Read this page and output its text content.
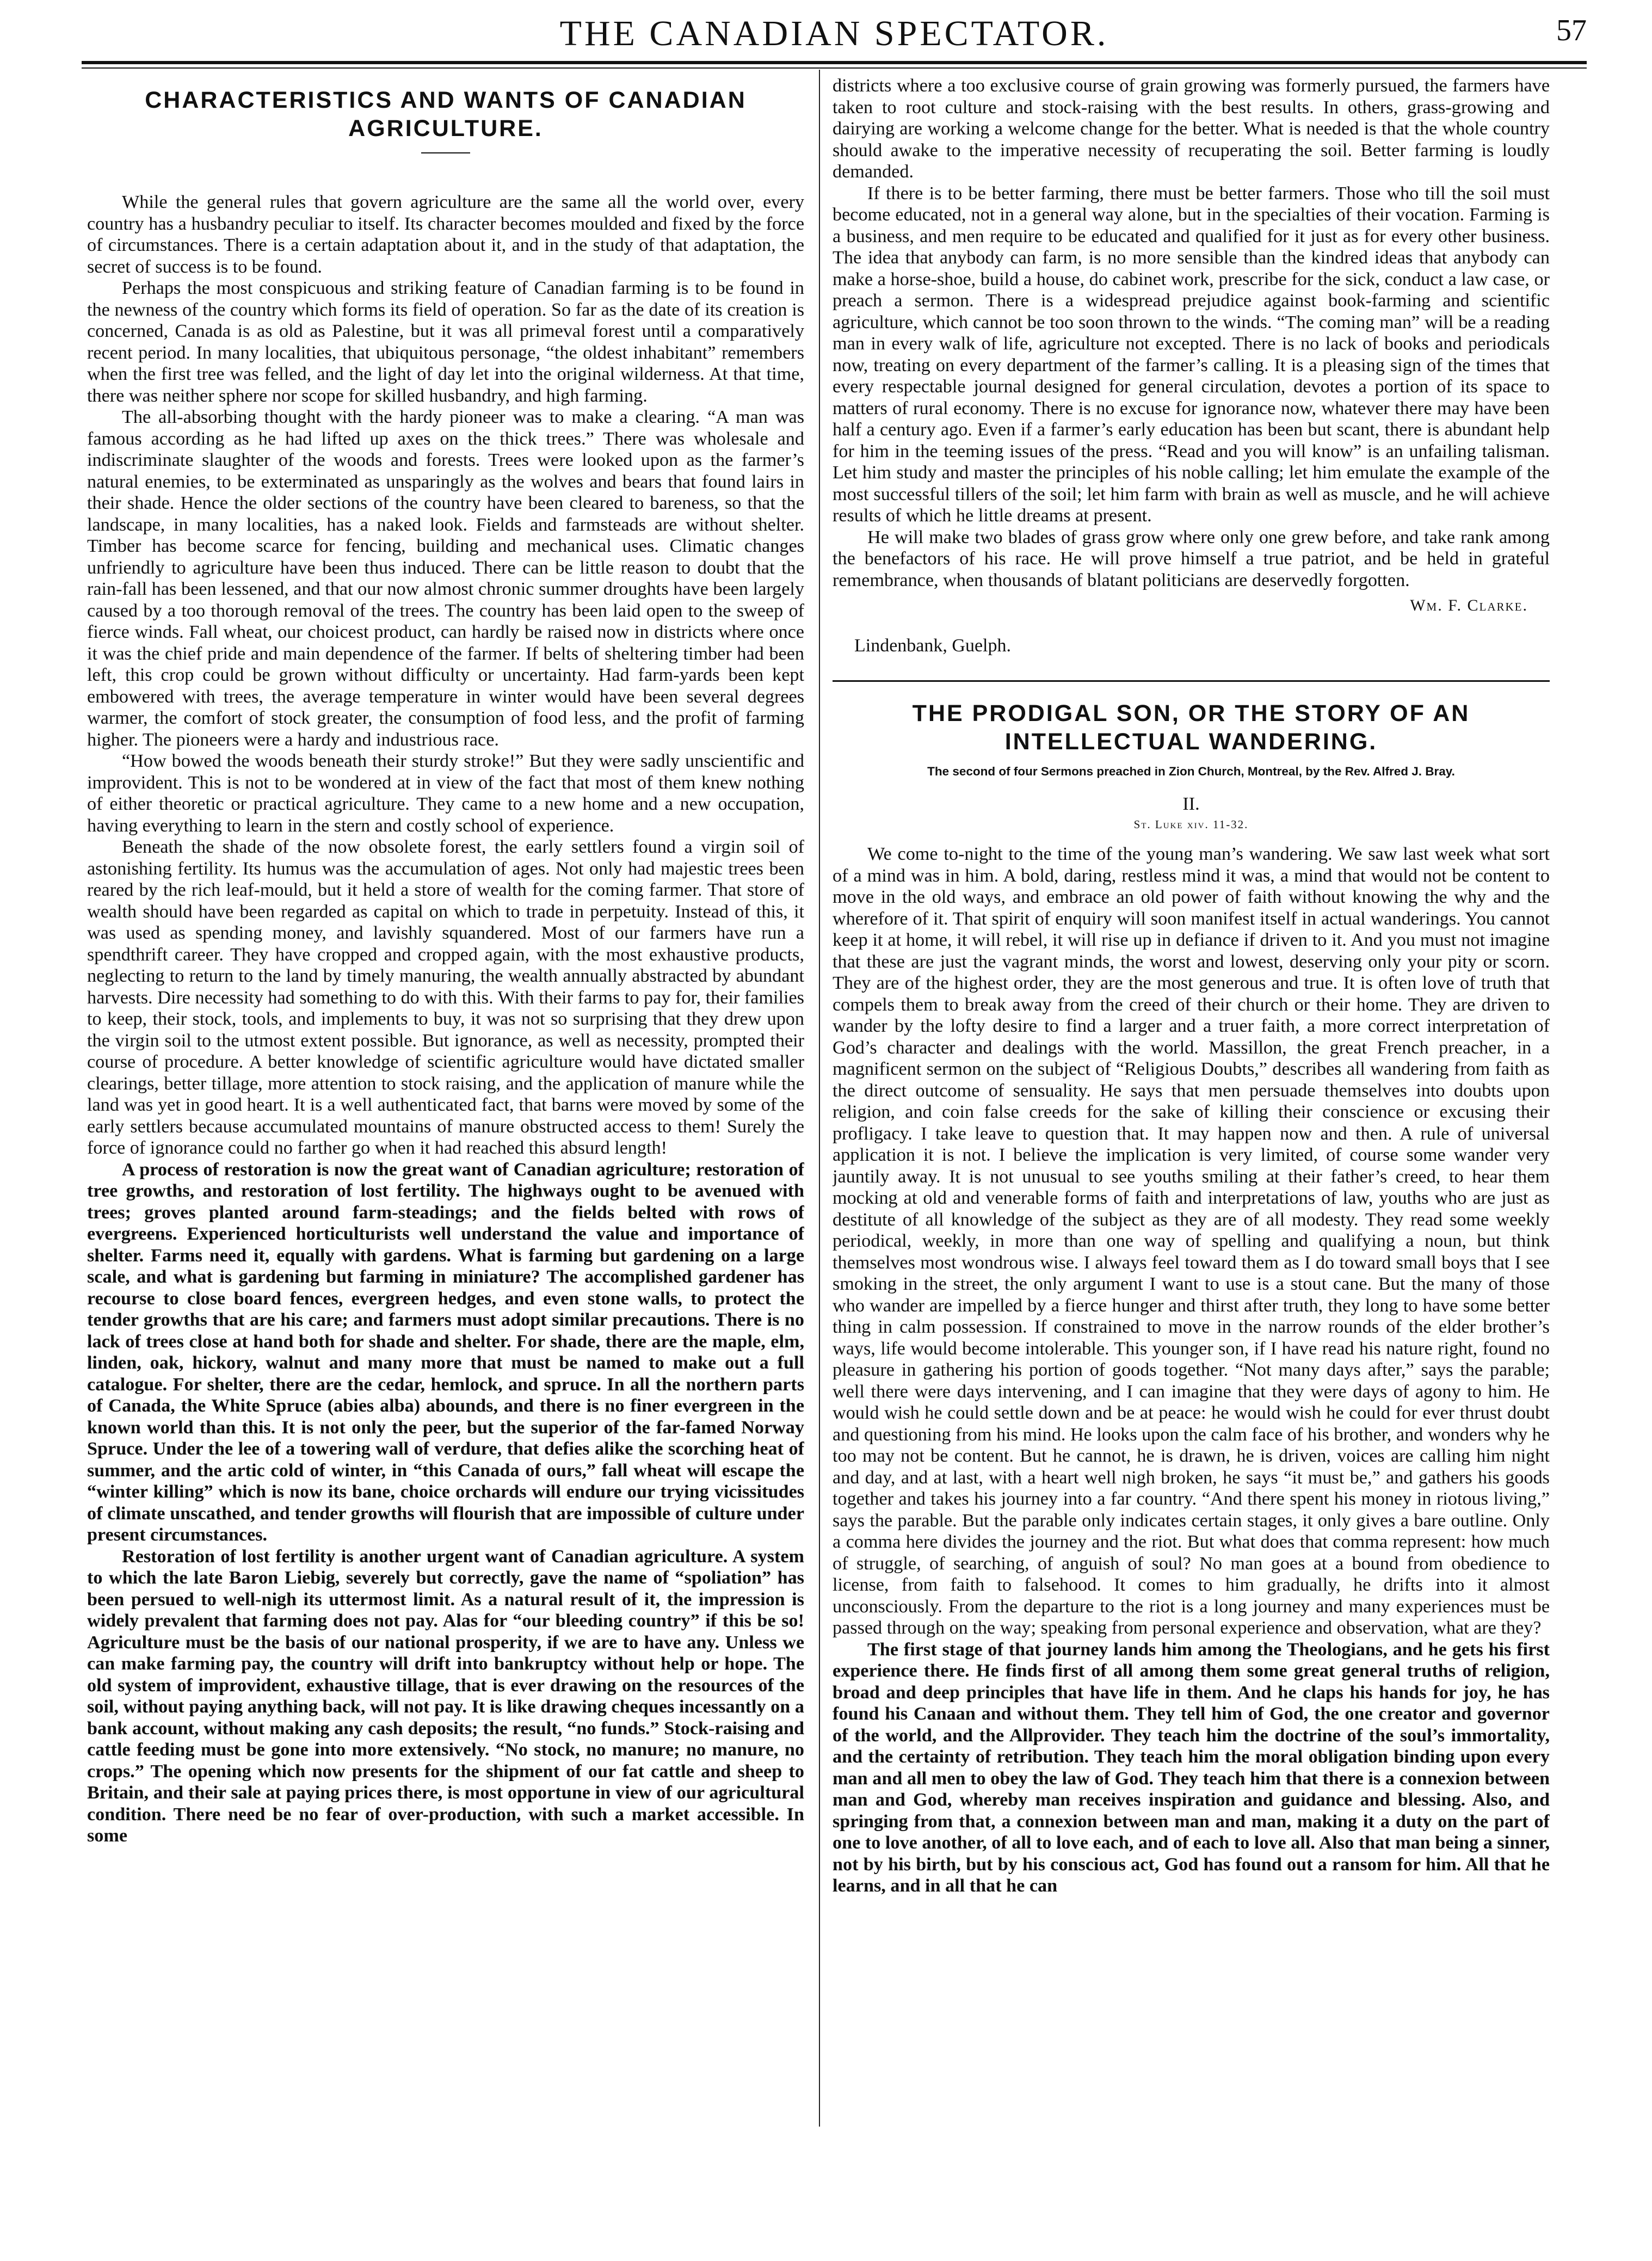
THE CANADIAN SPECTATOR.	57
CHARACTERISTICS AND WANTS OF CANADIAN AGRICULTURE.

While the general rules that govern agriculture are the same all the world over, every country has a husbandry peculiar to itself. Its character becomes moulded and fixed by the force of circumstances. There is a certain adaptation about it, and in the study of that adaptation, the secret of success is to be found.

Perhaps the most conspicuous and striking feature of Canadian farming is to be found in the newness of the country which forms its field of operation. So far as the date of its creation is concerned, Canada is as old as Palestine, but it was all primeval forest until a comparatively recent period. In many localities, that ubiquitous personage, “the oldest inhabitant” remembers when the first tree was felled, and the light of day let into the original wilderness. At that time, there was neither sphere nor scope for skilled husbandry, and high farming.

The all-absorbing thought with the hardy pioneer was to make a clearing. “A man was famous according as he had lifted up axes on the thick trees.” There was wholesale and indiscriminate slaughter of the woods and forests. Trees were looked upon as the farmer’s natural enemies, to be exterminated as unsparingly as the wolves and bears that found lairs in their shade. Hence the older sections of the country have been cleared to bareness, so that the landscape, in many localities, has a naked look. Fields and farmsteads are without shelter. Timber has become scarce for fencing, building and mechanical uses. Climatic changes unfriendly to agriculture have been thus induced. There can be little reason to doubt that the rain-fall has been lessened, and that our now almost chronic summer droughts have been largely caused by a too thorough removal of the trees. The country has been laid open to the sweep of fierce winds. Fall wheat, our choicest product, can hardly be raised now in districts where once it was the chief pride and main dependence of the farmer. If belts of sheltering timber had been left, this crop could be grown without difficulty or uncertainty. Had farm-yards been kept embowered with trees, the average temperature in winter would have been several degrees warmer, the comfort of stock greater, the consumption of food less, and the profit of farming higher. The pioneers were a hardy and industrious race.

“How bowed the woods beneath their sturdy stroke!” But they were sadly unscientific and improvident. This is not to be wondered at in view of the fact that most of them knew nothing of either theoretic or practical agriculture. They came to a new home and a new occupation, having everything to learn in the stern and costly school of experience.

Beneath the shade of the now obsolete forest, the early settlers found a virgin soil of astonishing fertility. Its humus was the accumulation of ages. Not only had majestic trees been reared by the rich leaf-mould, but it held a store of wealth for the coming farmer. That store of wealth should have been regarded as capital on which to trade in perpetuity. Instead of this, it was used as spending money, and lavishly squandered. Most of our farmers have run a spendthrift career. They have cropped and cropped again, with the most exhaustive products, neglecting to return to the land by timely manuring, the wealth annually abstracted by abundant harvests. Dire necessity had something to do with this. With their farms to pay for, their families to keep, their stock, tools, and implements to buy, it was not so surprising that they drew upon the virgin soil to the utmost extent possible. But ignorance, as well as necessity, prompted their course of procedure. A better knowledge of scientific agriculture would have dictated smaller clearings, better tillage, more attention to stock raising, and the application of manure while the land was yet in good heart. It is a well authenticated fact, that barns were moved by some of the early settlers because accumulated mountains of manure obstructed access to them! Surely the force of ignorance could no farther go when it had reached this absurd length!

A process of restoration is now the great want of Canadian agriculture; restoration of tree growths, and restoration of lost fertility. The highways ought to be avenued with trees; groves planted around farm-steadings; and the fields belted with rows of evergreens. Experienced horticulturists well understand the value and importance of shelter. Farms need it, equally with gardens. What is farming but gardening on a large scale, and what is gardening but farming in miniature? The accomplished gardener has recourse to close board fences, evergreen hedges, and even stone walls, to protect the tender growths that are his care; and farmers must adopt similar precautions. There is no lack of trees close at hand both for shade and shelter. For shade, there are the maple, elm, linden, oak, hickory, walnut and many more that must be named to make out a full catalogue. For shelter, there are the cedar, hemlock, and spruce. In all the northern parts of Canada, the White Spruce (abies alba) abounds, and there is no finer evergreen in the known world than this. It is not only the peer, but the superior of the far-famed Norway Spruce. Under the lee of a towering wall of verdure, that defies alike the scorching heat of summer, and the artic cold of winter, in “this Canada of ours,” fall wheat will escape the “winter killing” which is now its bane, choice orchards will endure our trying vicissitudes of climate unscathed, and tender growths will flourish that are impossible of culture under present circumstances.

Restoration of lost fertility is another urgent want of Canadian agriculture. A system to which the late Baron Liebig, severely but correctly, gave the name of “spoliation” has been persued to well-nigh its uttermost limit. As a natural result of it, the impression is widely prevalent that farming does not pay. Alas for “our bleeding country” if this be so! Agriculture must be the basis of our national prosperity, if we are to have any. Unless we can make farming pay, the country will drift into bankruptcy without help or hope. The old system of improvident, exhaustive tillage, that is ever drawing on the resources of the soil, without paying anything back, will not pay. It is like drawing cheques incessantly on a bank account, without making any cash deposits; the result, “no funds.” Stock-raising and cattle feeding must be gone into more extensively. “No stock, no manure; no manure, no crops.” The opening which now presents for the shipment of our fat cattle and sheep to Britain, and their sale at paying prices there, is most opportune in view of our agricultural condition. There need be no fear of over-production, with such a market accessible. In some

districts where a too exclusive course of grain growing was formerly pursued, the farmers have taken to root culture and stock-raising with the best results. In others, grass-growing and dairying are working a welcome change for the better. What is needed is that the whole country should awake to the imperative necessity of recuperating the soil. Better farming is loudly demanded.

If there is to be better farming, there must be better farmers. Those who till the soil must become educated, not in a general way alone, but in the specialties of their vocation. Farming is a business, and men require to be educated and qualified for it just as for every other business. The idea that anybody can farm, is no more sensible than the kindred ideas that anybody can make a horse-shoe, build a house, do cabinet work, prescribe for the sick, conduct a law case, or preach a sermon. There is a widespread prejudice against book-farming and scientific agriculture, which cannot be too soon thrown to the winds. “The coming man” will be a reading man in every walk of life, agriculture not excepted. There is no lack of books and periodicals now, treating on every department of the farmer’s calling. It is a pleasing sign of the times that every respectable journal designed for general circulation, devotes a portion of its space to matters of rural economy. There is no excuse for ignorance now, whatever there may have been half a century ago. Even if a farmer’s early education has been but scant, there is abundant help for him in the teeming issues of the press. “Read and you will know” is an unfailing talisman. Let him study and master the principles of his noble calling; let him emulate the example of the most successful tillers of the soil; let him farm with brain as well as muscle, and he will achieve results of which he little dreams at present.

He will make two blades of grass grow where only one grew before, and take rank among the benefactors of his race. He will prove himself a true patriot, and be held in grateful remembrance, when thousands of blatant politicians are deservedly forgotten.

Wm. F. Clarke.
Lindenbank, Guelph.
THE PRODIGAL SON, OR THE STORY OF AN INTELLECTUAL WANDERING.
The second of four Sermons preached in Zion Church, Montreal, by the Rev. Alfred J. Bray.
II.
St. Luke xiv. 11-32.

We come to-night to the time of the young man’s wandering. We saw last week what sort of a mind was in him. A bold, daring, restless mind it was, a mind that would not be content to move in the old ways, and embrace an old power of faith without knowing the why and the wherefore of it. That spirit of enquiry will soon manifest itself in actual wanderings. You cannot keep it at home, it will rebel, it will rise up in defiance if driven to it. And you must not imagine that these are just the vagrant minds, the worst and lowest, deserving only your pity or scorn. They are of the highest order, they are the most generous and true. It is often love of truth that compels them to break away from the creed of their church or their home. They are driven to wander by the lofty desire to find a larger and a truer faith, a more correct interpretation of God’s character and dealings with the world. Massillon, the great French preacher, in a magnificent sermon on the subject of “Religious Doubts,” describes all wandering from faith as the direct outcome of sensuality. He says that men persuade themselves into doubts upon religion, and coin false creeds for the sake of killing their conscience or excusing their profligacy. I take leave to question that. It may happen now and then. A rule of universal application it is not. I believe the implication is very limited, of course some wander very jauntily away. It is not unusual to see youths smiling at their father’s creed, to hear them mocking at old and venerable forms of faith and interpretations of law, youths who are just as destitute of all knowledge of the subject as they are of all modesty. They read some weekly periodical, weekly, in more than one way of spelling and qualifying a noun, but think themselves most wondrous wise. I always feel toward them as I do toward small boys that I see smoking in the street, the only argument I want to use is a stout cane. But the many of those who wander are impelled by a fierce hunger and thirst after truth, they long to have some better thing in calm possession. If constrained to move in the narrow rounds of the elder brother’s ways, life would become intolerable. This younger son, if I have read his nature right, found no pleasure in gathering his portion of goods together. “Not many days after,” says the parable; well there were days intervening, and I can imagine that they were days of agony to him. He would wish he could settle down and be at peace: he would wish he could for ever thrust doubt and questioning from his mind. He looks upon the calm face of his brother, and wonders why he too may not be content. But he cannot, he is drawn, he is driven, voices are calling him night and day, and at last, with a heart well nigh broken, he says “it must be,” and gathers his goods together and takes his journey into a far country. “And there spent his money in riotous living,” says the parable. But the parable only indicates certain stages, it only gives a bare outline. Only a comma here divides the journey and the riot. But what does that comma represent: how much of struggle, of searching, of anguish of soul? No man goes at a bound from obedience to license, from faith to falsehood. It comes to him gradually, he drifts into it almost unconsciously. From the departure to the riot is a long journey and many experiences must be passed through on the way; speaking from personal experience and observation, what are they?

The first stage of that journey lands him among the Theologians, and he gets his first experience there. He finds first of all among them some great general truths of religion, broad and deep principles that have life in them. And he claps his hands for joy, he has found his Canaan and without them. They tell him of God, the one creator and governor of the world, and the Allprovider. They teach him the doctrine of the soul’s immortality, and the certainty of retribution. They teach him the moral obligation binding upon every man and all men to obey the law of God. They teach him that there is a connexion between man and God, whereby man receives inspiration and guidance and blessing. Also, and springing from that, a connexion between man and man, making it a duty on the part of one to love another, of all to love each, and of each to love all. Also that man being a sinner, not by his birth, but by his conscious act, God has found out a ransom for him. All that he learns, and in all that he can
